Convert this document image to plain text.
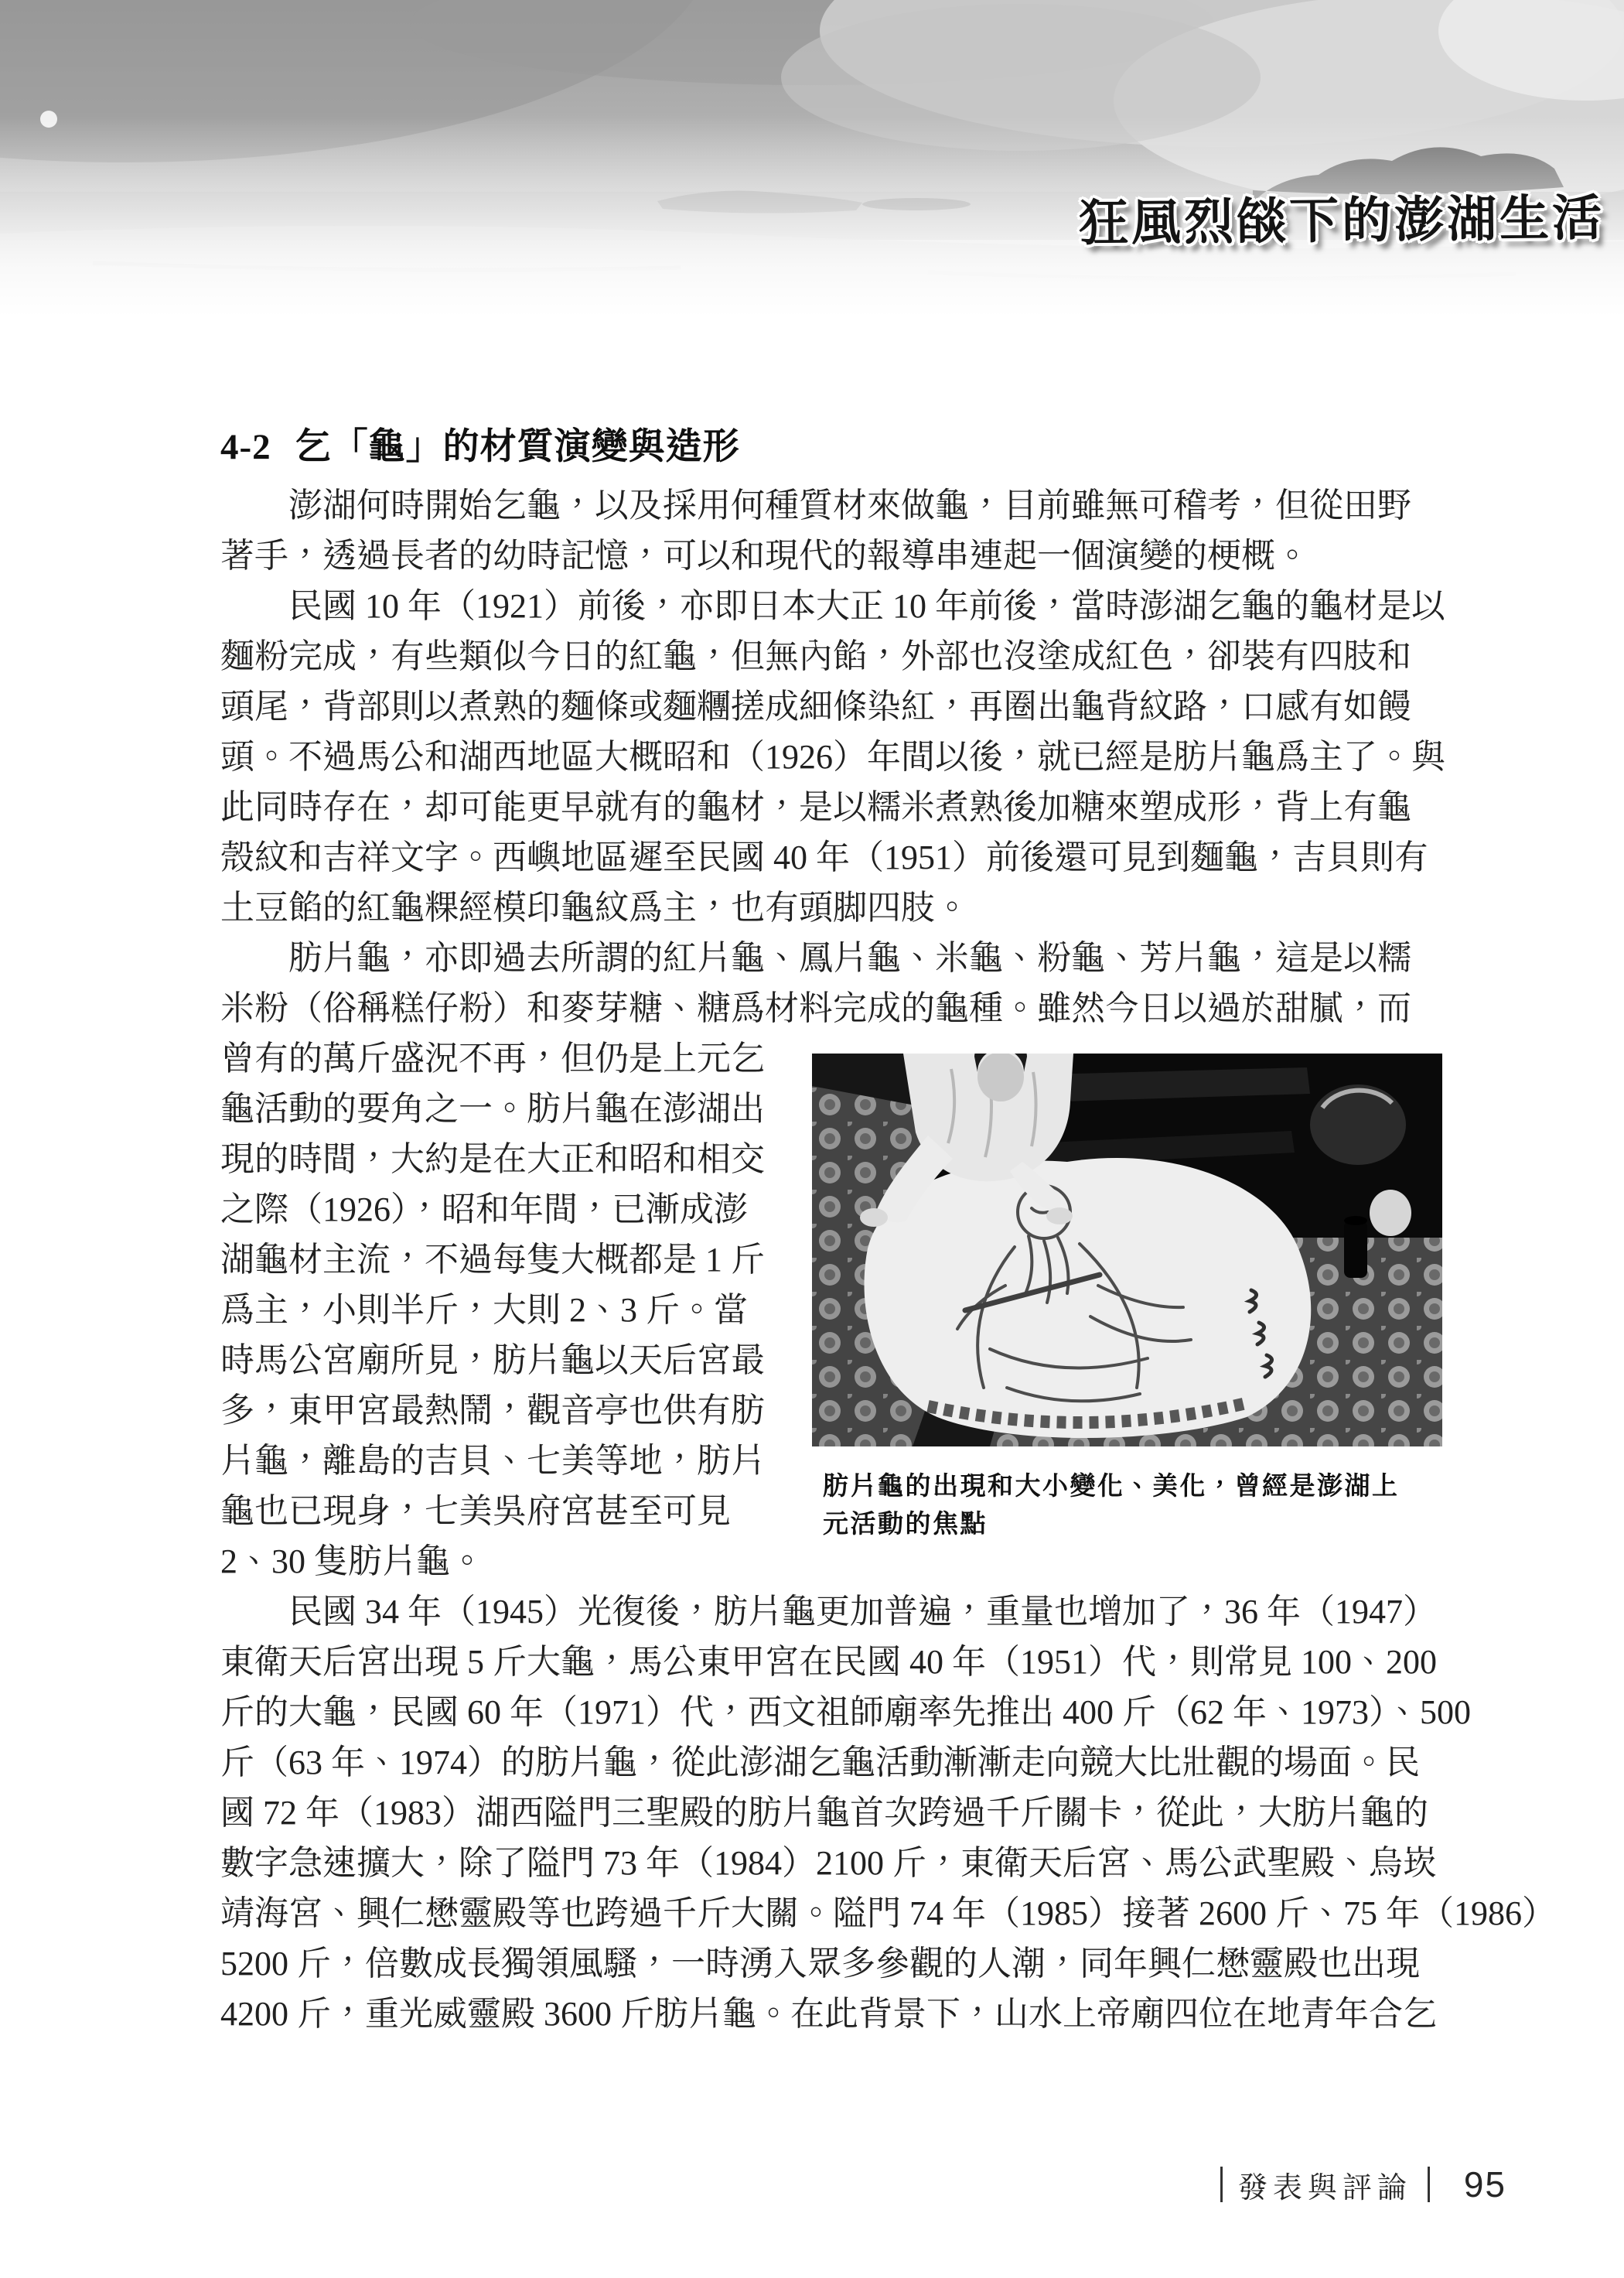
狂風烈燄下的澎湖生活
4-2 乞「龜」的材質演變與造形
澎湖何時開始乞龜，以及採用何種質材來做龜，目前雖無可稽考，但從田野
著手，透過長者的幼時記憶，可以和現代的報導串連起一個演變的梗概。
民國 10 年（1921）前後，亦即日本大正 10 年前後，當時澎湖乞龜的龜材是以
麵粉完成，有些類似今日的紅龜，但無內餡，外部也沒塗成紅色，卻裝有四肢和
頭尾，背部則以煮熟的麵條或麵糰搓成細條染紅，再圈出龜背紋路，口感有如饅
頭。不過馬公和湖西地區大概昭和（1926）年間以後，就已經是肪片龜爲主了。與
此同時存在，却可能更早就有的龜材，是以糯米煮熟後加糖來塑成形，背上有龜
殼紋和吉祥文字。西嶼地區遲至民國 40 年（1951）前後還可見到麵龜，吉貝則有
土豆餡的紅龜粿經模印龜紋爲主，也有頭脚四肢。
肪片龜，亦即過去所謂的紅片龜、鳳片龜、米龜、粉龜、芳片龜，這是以糯
米粉（俗稱糕仔粉）和麥芽糖、糖爲材料完成的龜種。雖然今日以過於甜膩，而
肪片龜的出現和大小變化、美化，曾經是澎湖上
元活動的焦點
曾有的萬斤盛況不再，但仍是上元乞
龜活動的要角之一。肪片龜在澎湖出
現的時間，大約是在大正和昭和相交
之際（1926），昭和年間，已漸成澎
湖龜材主流，不過每隻大概都是 1 斤
爲主，小則半斤，大則 2、3 斤。當
時馬公宮廟所見，肪片龜以天后宮最
多，東甲宮最熱鬧，觀音亭也供有肪
片龜，離島的吉貝、七美等地，肪片
龜也已現身，七美吳府宮甚至可見
2、30 隻肪片龜。
民國 34 年（1945）光復後，肪片龜更加普遍，重量也增加了，36 年（1947）
東衛天后宮出現 5 斤大龜，馬公東甲宮在民國 40 年（1951）代，則常見 100、200
斤的大龜，民國 60 年（1971）代，西文祖師廟率先推出 400 斤（62 年、1973）、500
斤（63 年、1974）的肪片龜，從此澎湖乞龜活動漸漸走向競大比壯觀的場面。民
國 72 年（1983）湖西隘門三聖殿的肪片龜首次跨過千斤關卡，從此，大肪片龜的
數字急速擴大，除了隘門 73 年（1984）2100 斤，東衛天后宮、馬公武聖殿、烏崁
靖海宮、興仁懋靈殿等也跨過千斤大關。隘門 74 年（1985）接著 2600 斤、75 年（1986）
5200 斤，倍數成長獨領風騷，一時湧入眾多參觀的人潮，同年興仁懋靈殿也出現
4200 斤，重光威靈殿 3600 斤肪片龜。在此背景下，山水上帝廟四位在地青年合乞
發表與評論 95
